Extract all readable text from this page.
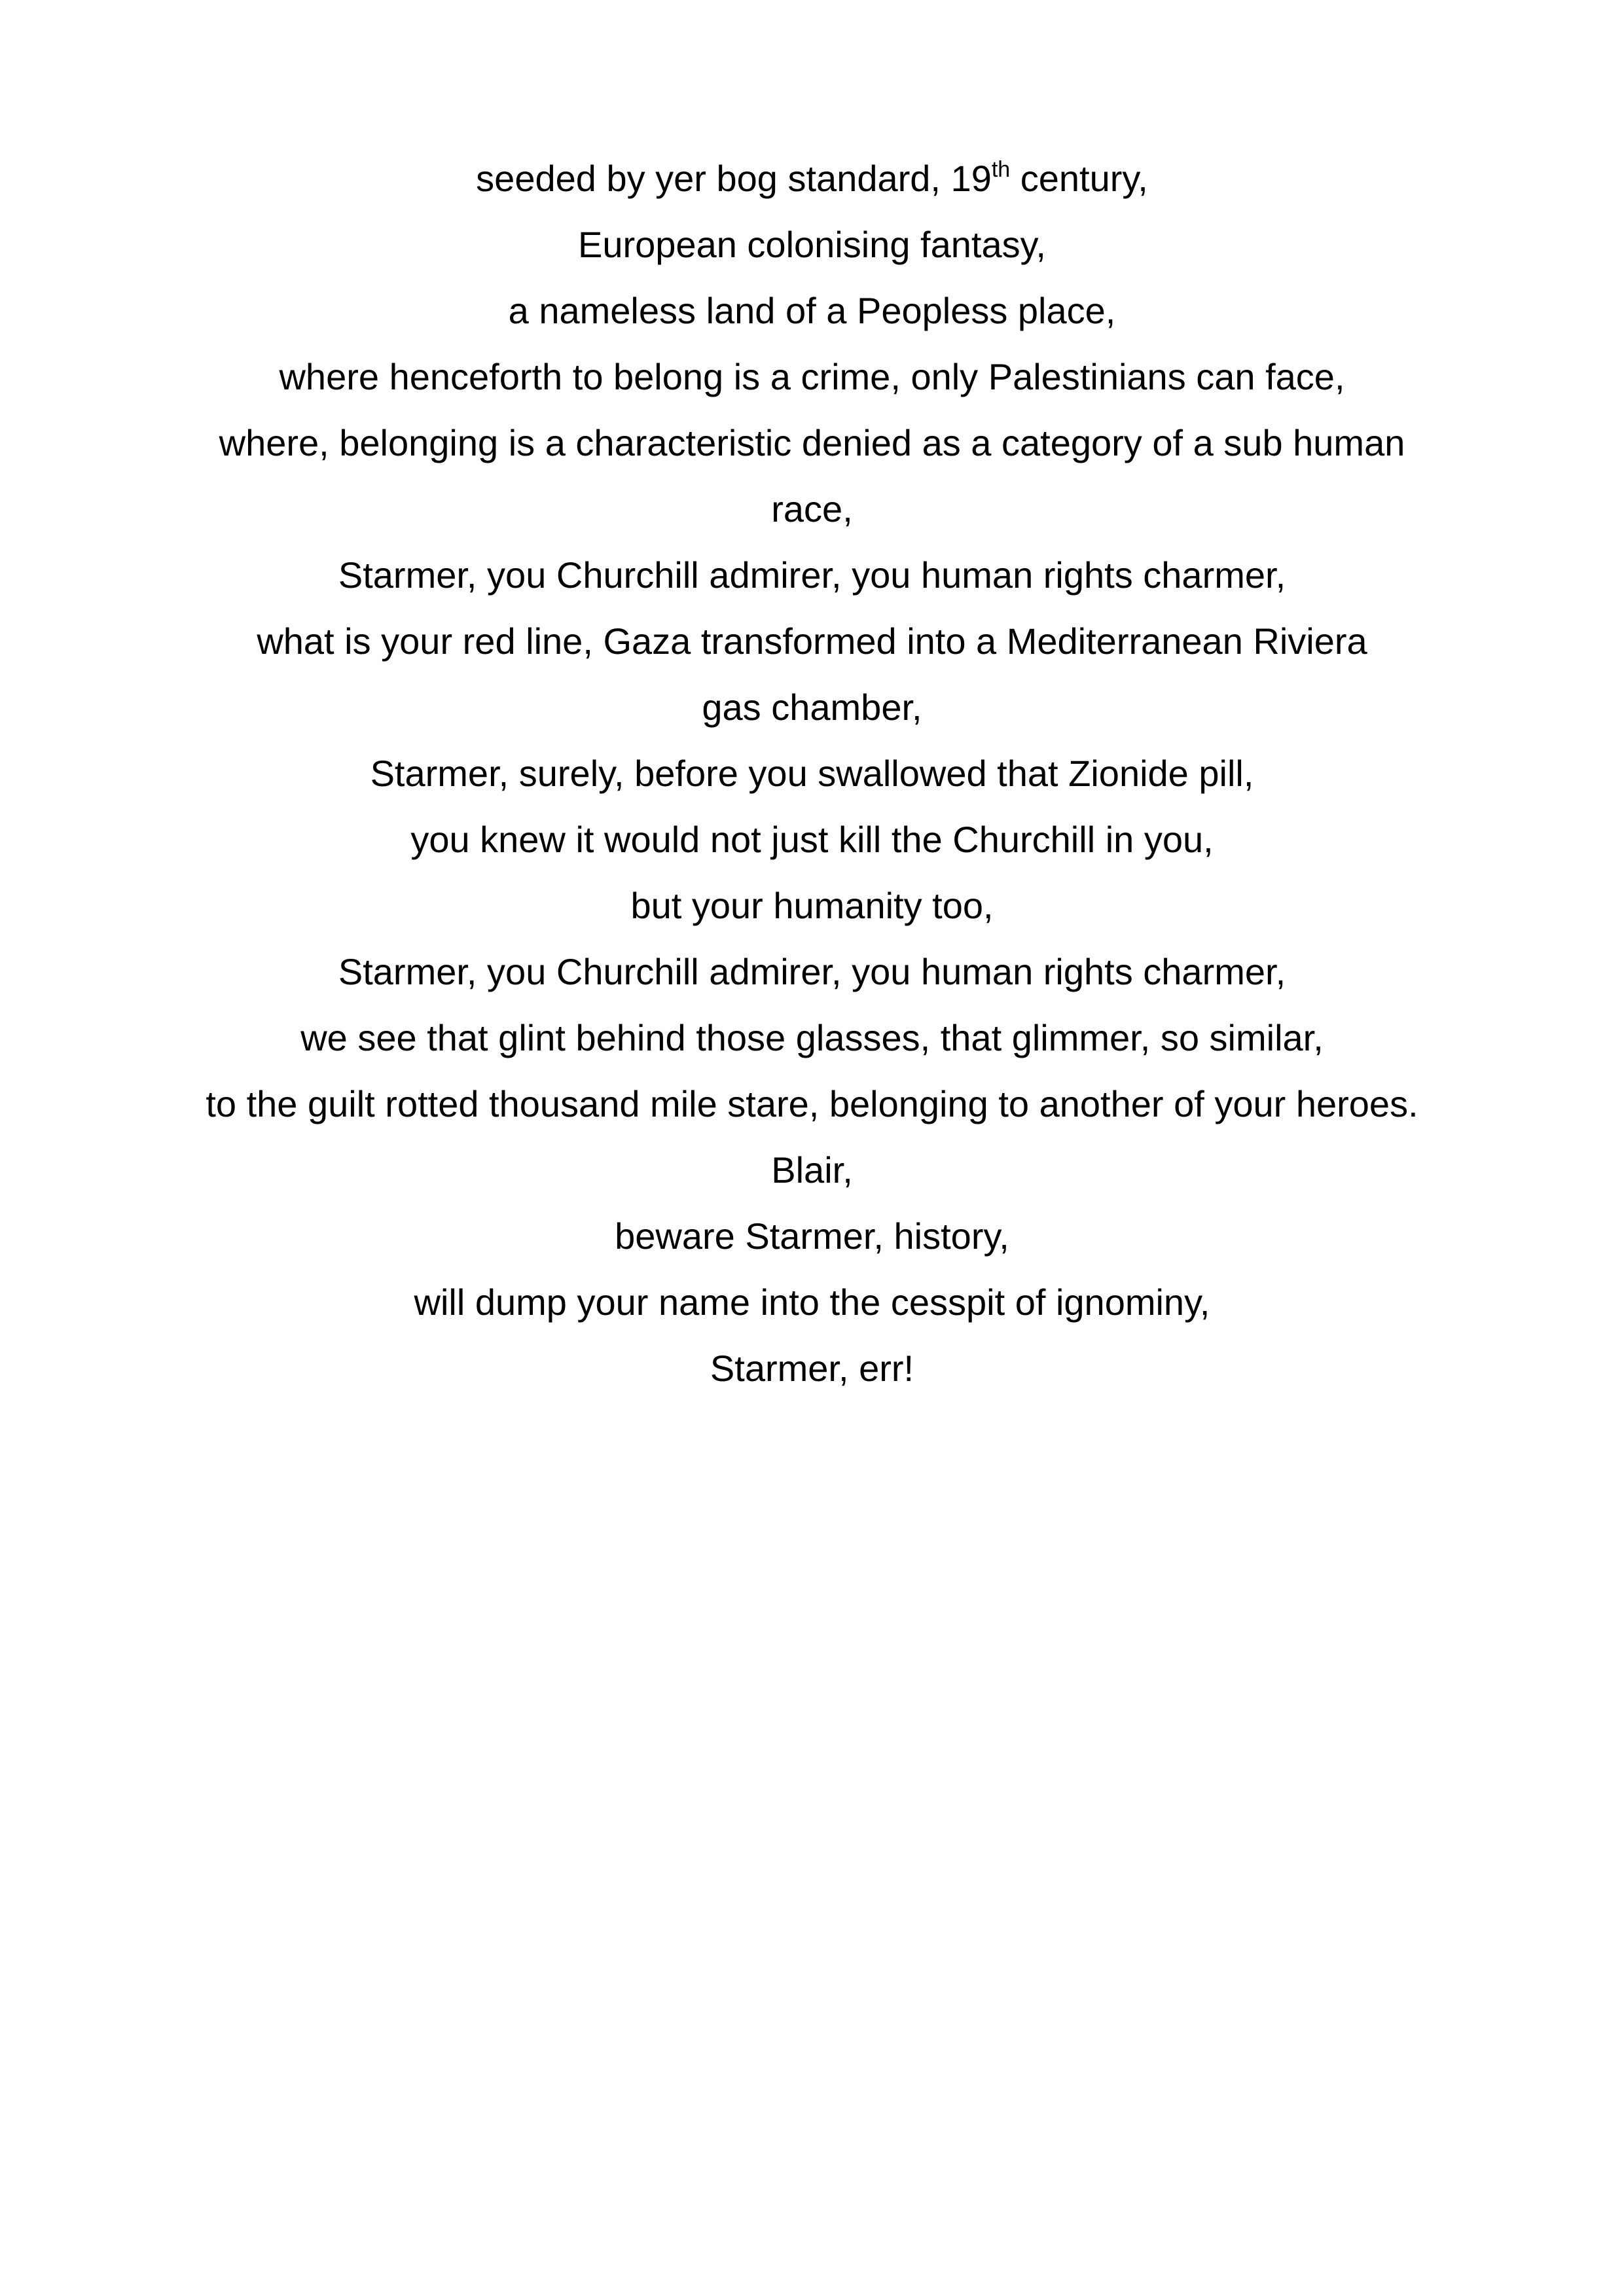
seeded by yer bog standard, 19th century,
European colonising fantasy,
a nameless land of a Peopless place,
where henceforth to belong is a crime, only Palestinians can face,
where, belonging is a characteristic denied as a category of a sub human
race,
Starmer, you Churchill admirer, you human rights charmer,
what is your red line, Gaza transformed into a Mediterranean Riviera
gas chamber,
Starmer, surely, before you swallowed that Zionide pill,
you knew it would not just kill the Churchill in you,
but your humanity too,
Starmer, you Churchill admirer, you human rights charmer,
we see that glint behind those glasses, that glimmer, so similar,
to the guilt rotted thousand mile stare, belonging to another of your heroes.
Blair,
beware Starmer, history,
will dump your name into the cesspit of ignominy,
Starmer, err!
